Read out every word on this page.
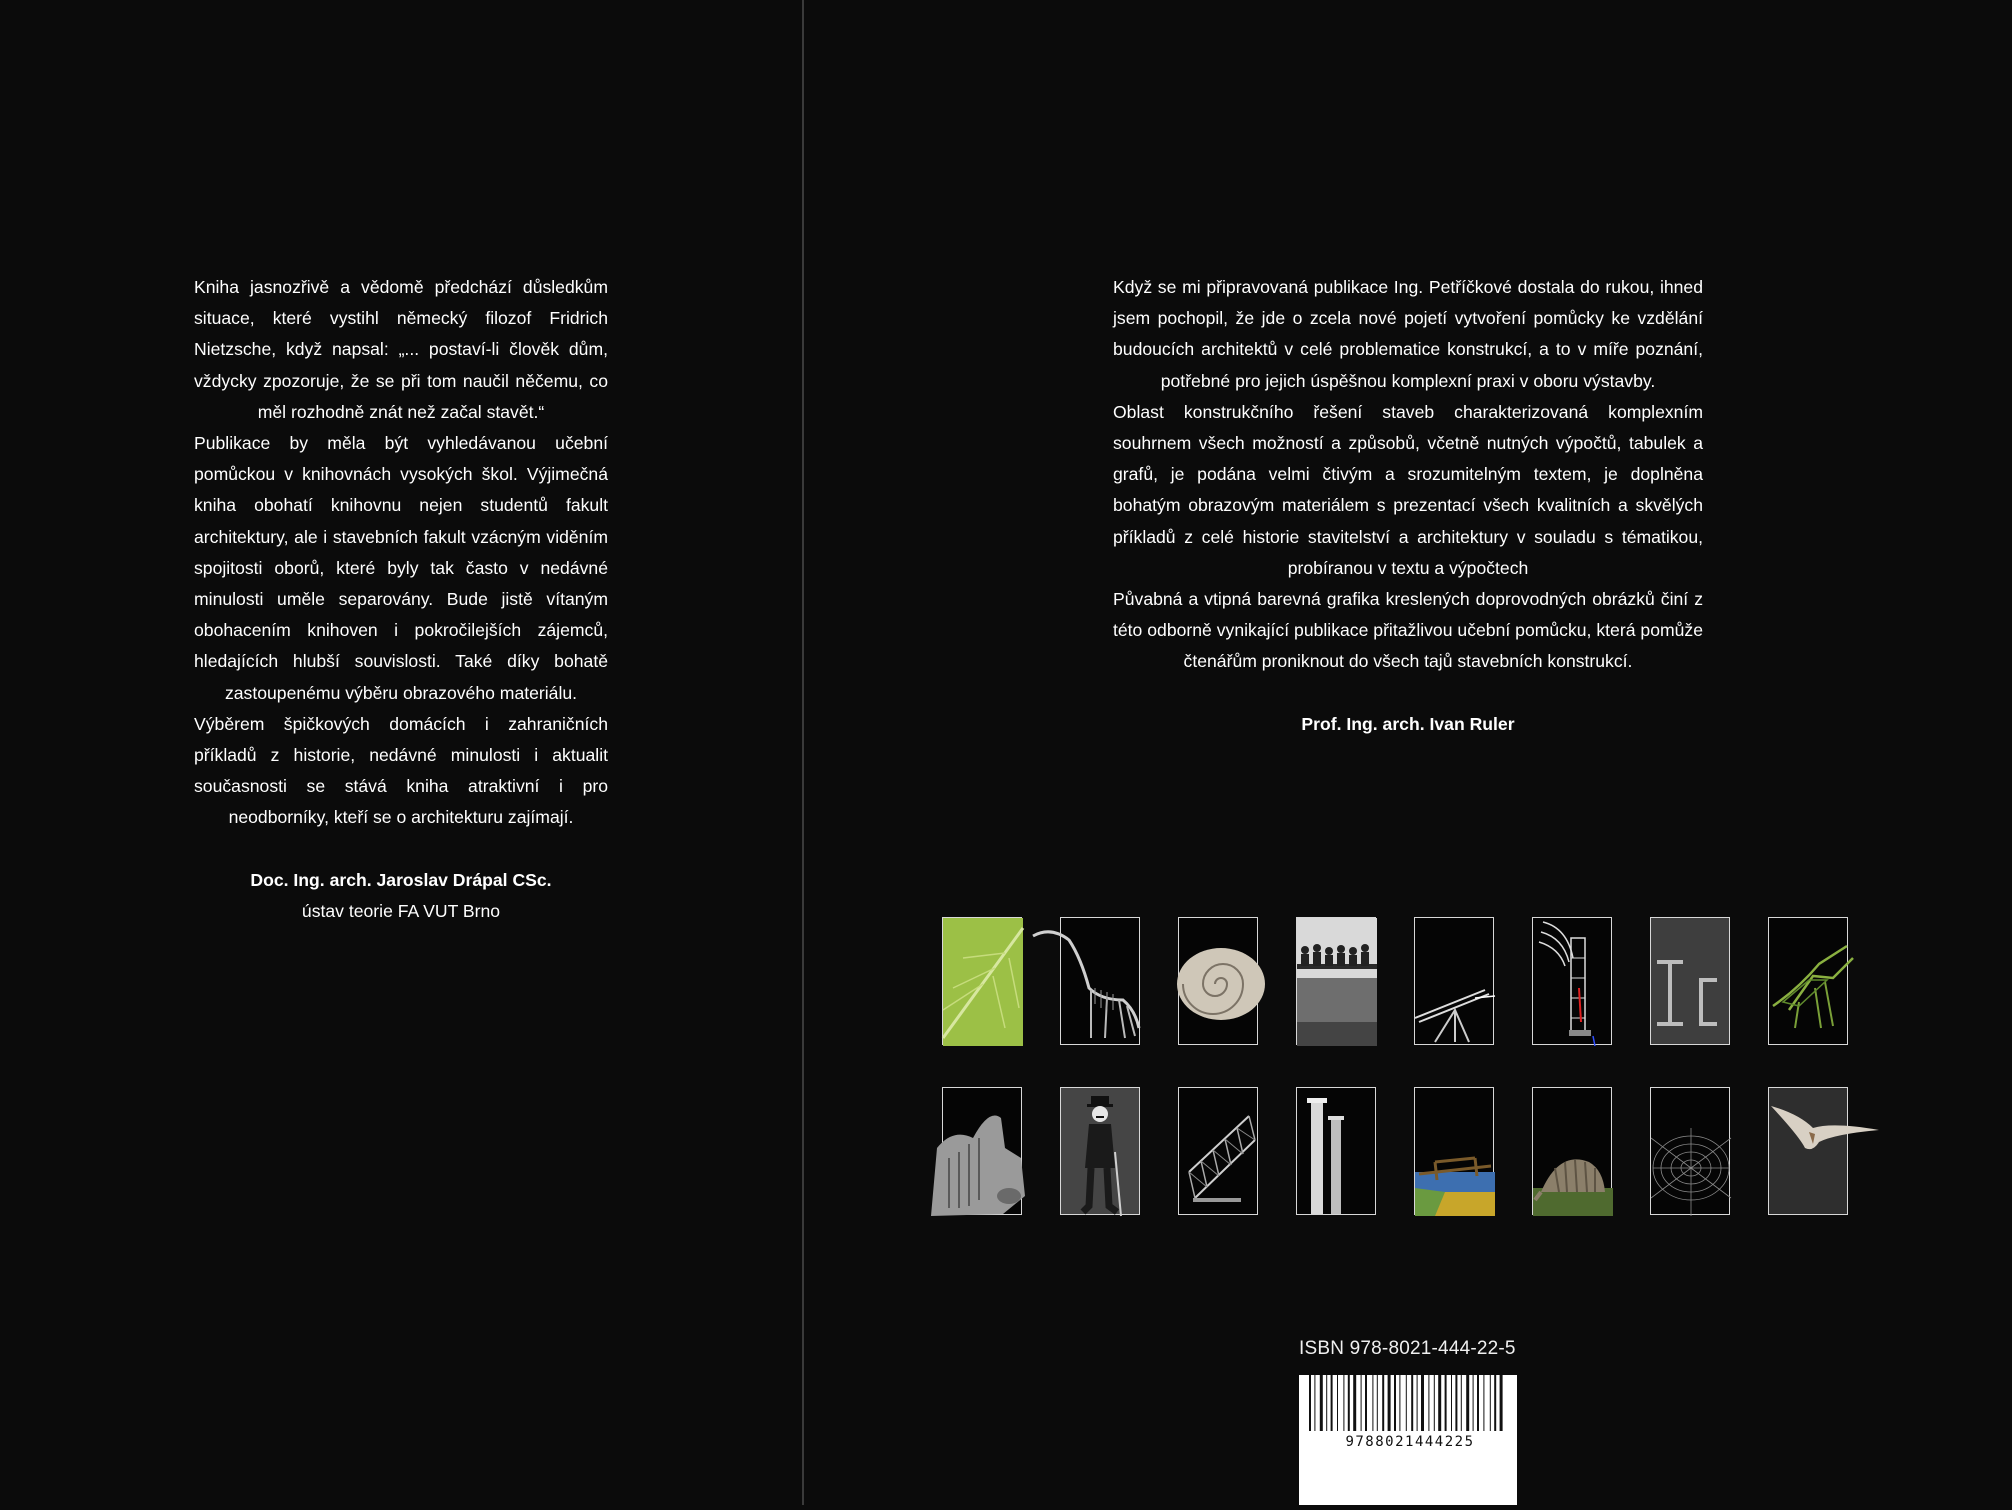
Kniha jasnozřivě a vědomě předchází důsledkům situace, které vystihl německý filozof Fridrich Nietzsche, když napsal: „... postaví-li člověk dům, vždycky zpozoruje, že se při tom naučil něčemu, co měl rozhodně znát než začal stavět.“

Publikace by měla být vyhledávanou učební pomůckou v knihovnách vysokých škol. Výjimečná kniha obohatí knihovnu nejen studentů fakult architektury, ale i stavebních fakult vzácným viděním spojitosti oborů, které byly tak často v nedávné minulosti uměle separovány. Bude jistě vítaným obohacením knihoven i pokročilejších zájemců, hledajících hlubší souvislosti. Také díky bohatě zastoupenému výběru obrazového materiálu.

Výběrem špičkových domácích i zahraničních příkladů z historie, nedávné minulosti i aktualit současnosti se stává kniha atraktivní i pro neodborníky, kteří se o architekturu zajímají.

Doc. Ing. arch. Jaroslav Drápal CSc.
ústav teorie FA VUT Brno

Když se mi připravovaná publikace Ing. Petříčkové dostala do rukou, ihned jsem pochopil, že jde o zcela nové pojetí vytvoření pomůcky ke vzdělání budoucích architektů v celé problematice konstrukcí, a to v míře poznání, potřebné pro jejich úspěšnou komplexní praxi v oboru výstavby.

Oblast konstrukčního řešení staveb charakterizovaná komplexním souhrnem všech možností a způsobů, včetně nutných výpočtů, tabulek a grafů, je podána velmi čtivým a srozumitelným textem, je doplněna bohatým obrazovým materiálem s prezentací všech kvalitních a skvělých příkladů z celé historie stavitelství a architektury v souladu s tématikou, probíranou v textu a výpočtech

Půvabná a vtipná barevná grafika kreslených doprovodných obrázků činí z této odborně vynikající publikace přitažlivou učební pomůcku, která pomůže čtenářům proniknout do všech tajů stavebních konstrukcí.

Prof. Ing. arch. Ivan Ruler
ISBN 978-8021-444-22-5
9788021444225
